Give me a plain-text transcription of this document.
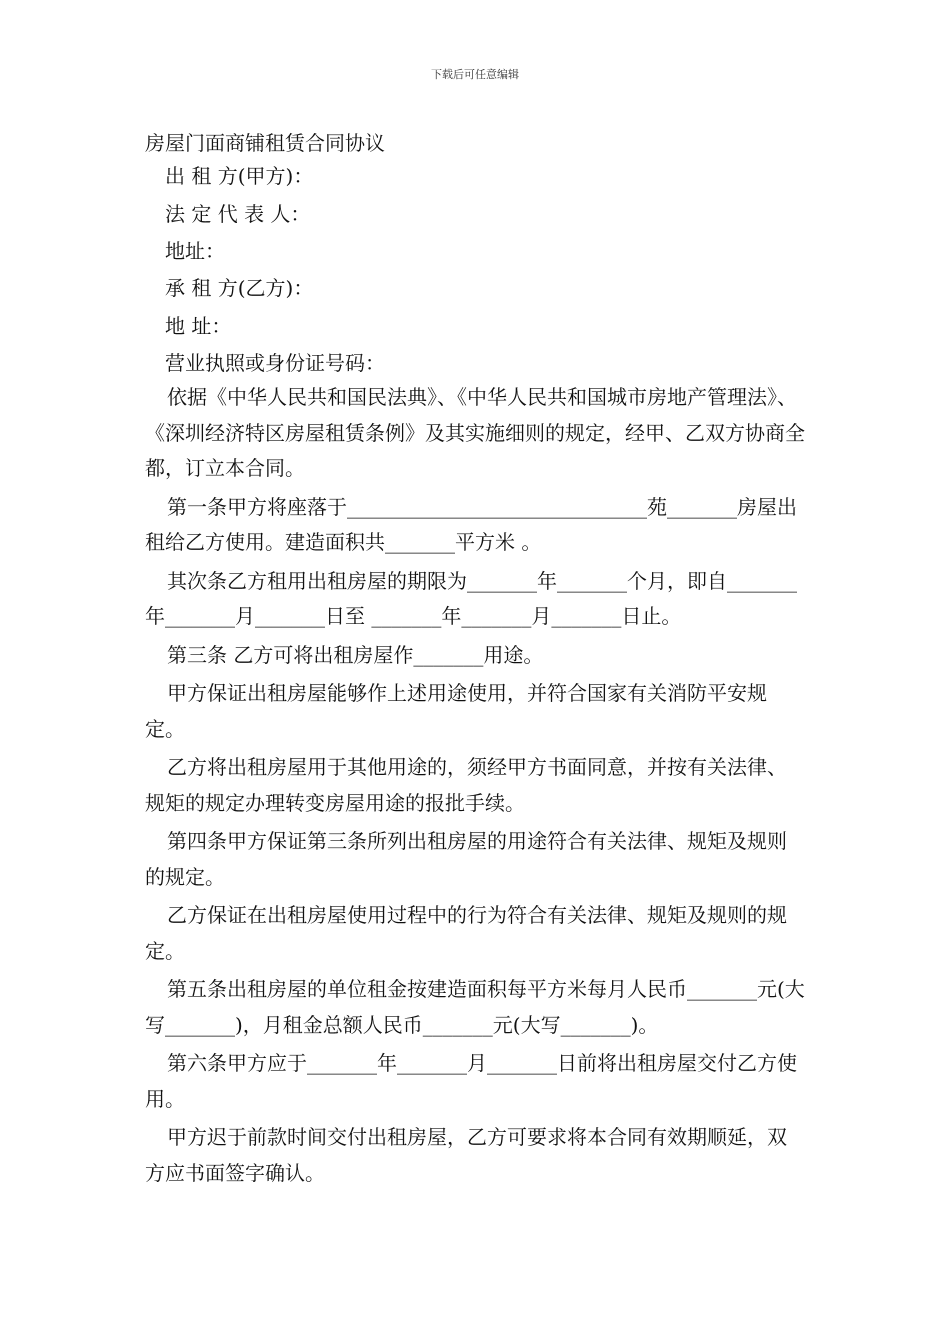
下载后可任意编辑
房屋门面商铺租赁合同协议
出 租 方(甲方)：
法 定 代 表 人：
地址：
承 租 方(乙方)：
地 址：
营业执照或身份证号码：

依据《中华人民共和国民法典》、《中华人民共和国城市房地产管理法》、《深圳经济特区房屋租赁条例》及其实施细则的规定，经甲、乙双方协商全都，订立本合同。

第一条甲方将座落于______________________________苑_______房屋出租给乙方使用。建造面积共_______平方米 。

其次条乙方租用出租房屋的期限为_______年_______个月，即自_______年_______月_______日至 _______年_______月_______日止。

第三条 乙方可将出租房屋作_______用途。

甲方保证出租房屋能够作上述用途使用，并符合国家有关消防平安规定。

乙方将出租房屋用于其他用途的，须经甲方书面同意，并按有关法律、规矩的规定办理转变房屋用途的报批手续。

第四条甲方保证第三条所列出租房屋的用途符合有关法律、规矩及规则的规定。

乙方保证在出租房屋使用过程中的行为符合有关法律、规矩及规则的规定。

第五条出租房屋的单位租金按建造面积每平方米每月人民币_______元(大写_______)，月租金总额人民币_______元(大写_______)。

第六条甲方应于_______年_______月_______日前将出租房屋交付乙方使用。

甲方迟于前款时间交付出租房屋，乙方可要求将本合同有效期顺延，双方应书面签字确认。
